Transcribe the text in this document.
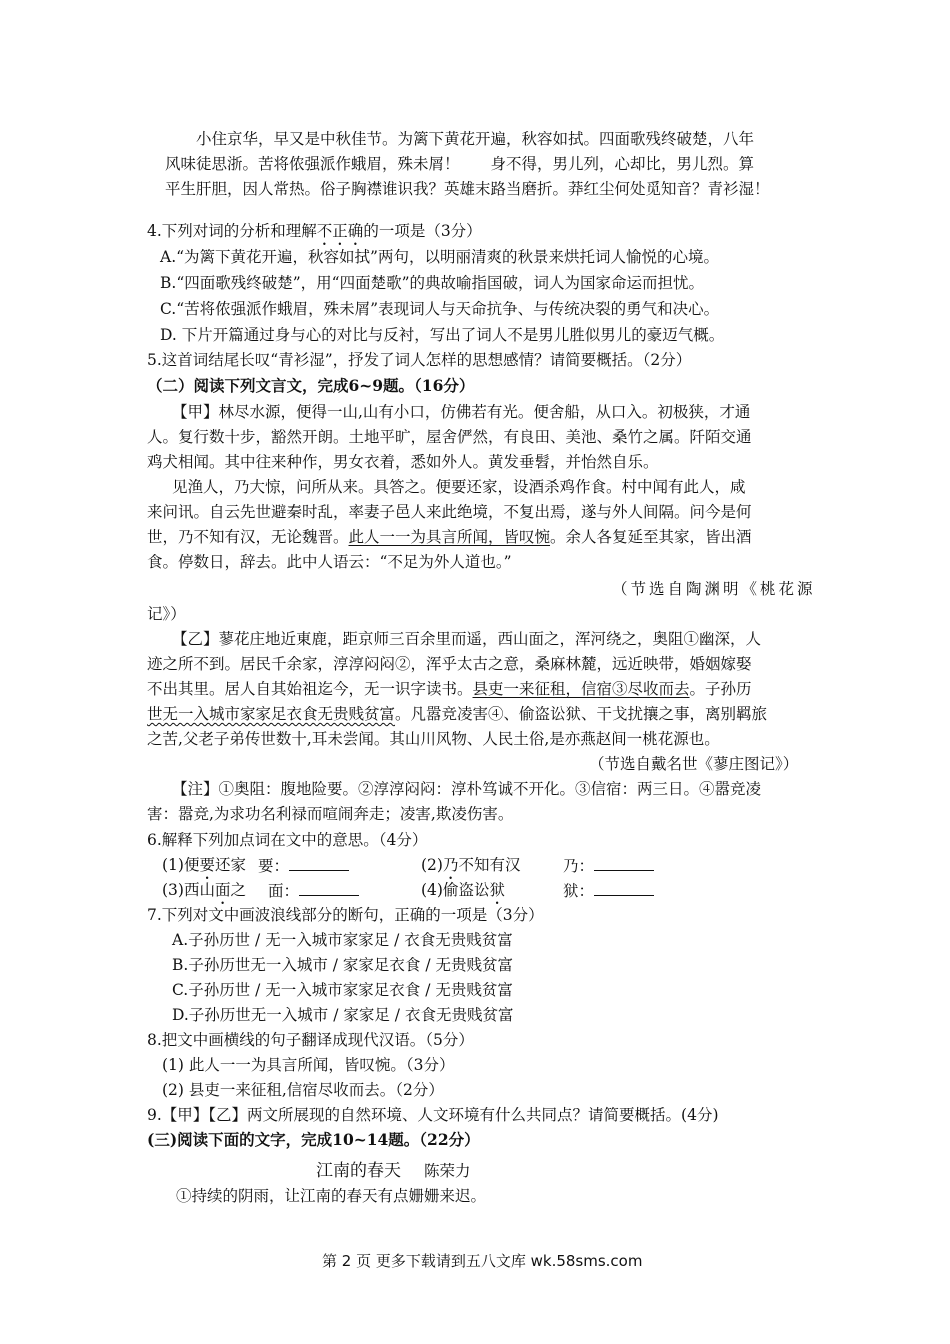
小住京华，早又是中秋佳节。为篱下黄花开遍，秋容如拭。四面歌残终破楚，八年
风味徒思浙。苦将侬强派作蛾眉，殊未屑！　　身不得，男儿列，心却比，男儿烈。算
平生肝胆，因人常热。俗子胸襟谁识我？英雄末路当磨折。莽红尘何处觅知音？青衫湿！
4.下列对词的分析和理解不正确的一项是（3分）
A.“为篱下黄花开遍，秋容如拭”两句，以明丽清爽的秋景来烘托词人愉悦的心境。
B.“四面歌残终破楚”，用“四面楚歌”的典故喻指国破，词人为国家命运而担忧。
C.“苦将侬强派作蛾眉，殊未屑”表现词人与天命抗争、与传统决裂的勇气和决心。
D. 下片开篇通过身与心的对比与反衬，写出了词人不是男儿胜似男儿的豪迈气概。
5.这首词结尾长叹“青衫湿”，抒发了词人怎样的思想感情？请简要概括。（2分）
（二）阅读下列文言文，完成6~9题。（16分）
【甲】林尽水源，便得一山,山有小口，仿佛若有光。便舍船，从口入。初极狭，才通
人。复行数十步，豁然开朗。土地平旷，屋舍俨然，有良田、美池、桑竹之属。阡陌交通
鸡犬相闻。其中往来种作，男女衣着，悉如外人。黄发垂髫，并怡然自乐。
见渔人，乃大惊，问所从来。具答之。便要还家，设酒杀鸡作食。村中闻有此人，咸
来问讯。自云先世避秦时乱，率妻子邑人来此绝境，不复出焉，遂与外人间隔。问今是何
世，乃不知有汉，无论魏晋。此人一一为具言所闻，皆叹惋。余人各复延至其家，皆出酒
食。停数日，辞去。此中人语云：“不足为外人道也。”
（节选自陶渊明《桃花源
记》）
【乙】蓼花庄地近東鹿，距京师三百余里而遥，西山面之，浑河绕之，奥阻①幽深，人
迹之所不到。居民千余家，淳淳闷闷②，浑乎太古之意，桑麻林麓，远近映带，婚姻嫁娶
不出其里。居人自其始祖迄今，无一识字读书。县吏一来征租，信宿③尽收而去。子孙历
世无一入城市家家足衣食无贵贱贫富。凡嚣竞凌害④、偷盗讼狱、干戈扰攘之事，离别羁旅
之苦,父老子弟传世数十,耳未尝闻。其山川风物、人民土俗,是亦燕赵间一桃花源也。
（节选自戴名世《蓼庄图记》）
【注】①奥阻：腹地险要。②淳淳闷闷：淳朴笃诚不开化。③信宿：两三日。④嚣竞凌
害：嚣竞,为求功名利禄而喧闹奔走；凌害,欺凌伤害。
6.解释下列加点词在文中的意思。（4分）
(1)便要还家 要：	(2)乃不知有汉	乃：
(3)西山面之 面：	(4)偷盗讼狱	狱：
7.下列对文中画波浪线部分的断句，正确的一项是（3分）
A.子孙历世 / 无一入城市家家足 / 衣食无贵贱贫富
B.子孙历世无一入城市 / 家家足衣食 / 无贵贱贫富
C.子孙历世 / 无一入城市家家足衣食 / 无贵贱贫富
D.子孙历世无一入城市 / 家家足 / 衣食无贵贱贫富
8.把文中画横线的句子翻译成现代汉语。（5分）
(1) 此人一一为具言所闻，皆叹惋。（3分）
(2) 县吏一来征租,信宿尽收而去。（2分）
9.【甲】【乙】两文所展现的自然环境、人文环境有什么共同点？请简要概括。(4分)
(三)阅读下面的文字，完成10~14题。（22分）
江南的春天 陈荣力
①持续的阴雨，让江南的春天有点姗姗来迟。
第 2 页 更多下载请到五八文库 wk.58sms.com
